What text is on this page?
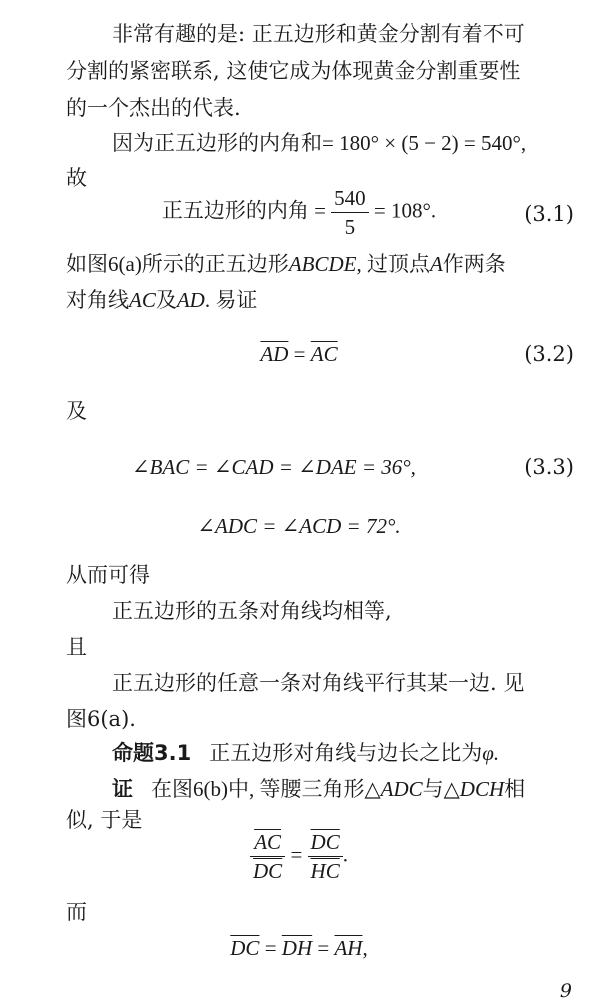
非常有趣的是: 正五边形和黄金分割有着不可
分割的紧密联系, 这使它成为体现黄金分割重要性
的一个杰出的代表.
因为正五边形的内角和= 180° × (5 − 2) = 540°,
故
正五边形的内角 = $\frac{540}{5} = 108^\circ$.	(3.1)
如图6(a)所示的正五边形ABCDE, 过顶点A作两条
对角线AC及AD. 易证
$\overline{AD} = \overline{AC}$	(3.2)
及
∠BAC = ∠CAD = ∠DAE = 36°,	(3.3)
∠ADC = ∠ACD = 72°.
从而可得
正五边形的五条对角线均相等,
且
正五边形的任意一条对角线平行其某一边. 见
图6(a).
命题3.1 正五边形对角线与边长之比为φ.
证 在图6(b)中, 等腰三角形△ADC与△DCH相
似, 于是
$\frac{\overline{AC}}{DC} = \frac{\overline{DC}}{HC}$ .
而
$\overline{DC} = \overline{DH} = \overline{AH}$,
9
